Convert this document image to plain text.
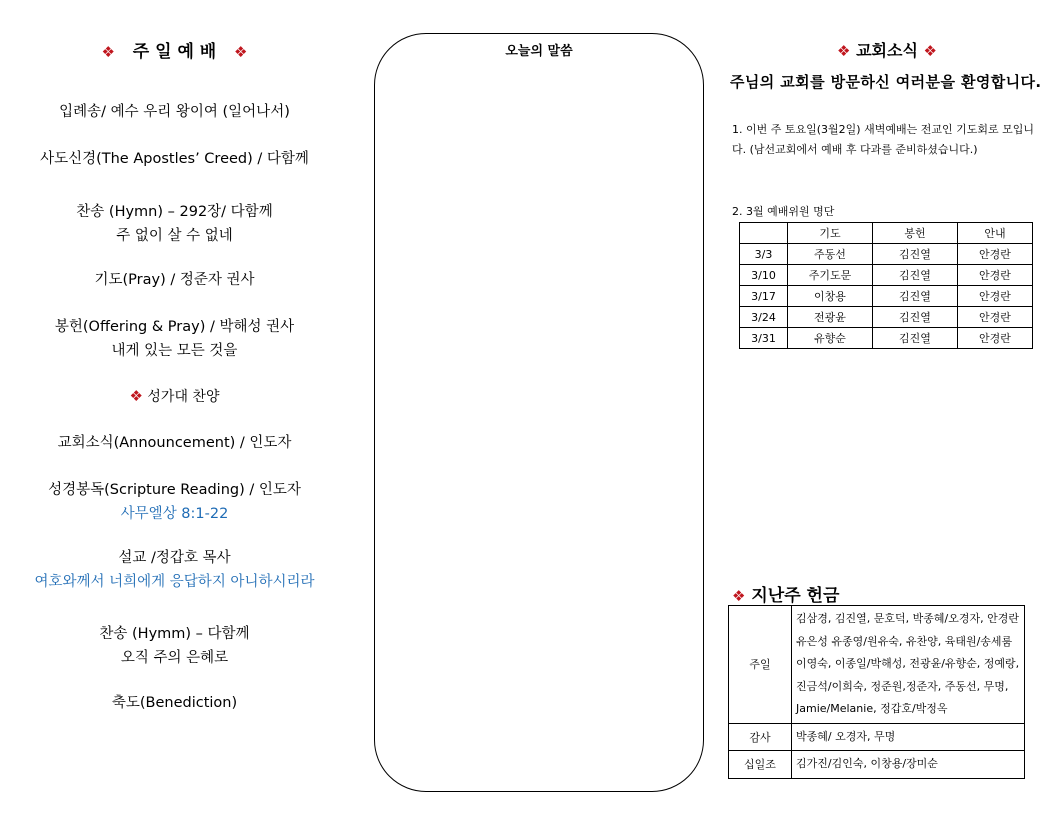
❖ 주 일 예 배 ❖
입례송/ 예수 우리 왕이여 (일어나서)
사도신경(The Apostles’ Creed) / 다함께
찬송 (Hymn) – 292장/ 다함께
주 없이 살 수 없네
기도(Pray) / 정준자 권사
봉헌(Offering & Pray) / 박해성 권사
내게 있는 모든 것을
❖ 성가대 찬양
교회소식(Announcement) / 인도자
성경봉독(Scripture Reading) / 인도자
사무엘상 8:1-22
설교 /정갑호 목사
여호와께서 너희에게 응답하지 아니하시리라
찬송 (Hymm) – 다함께
오직 주의 은혜로
축도(Benediction)
오늘의 말씀	❖ 교회소식 ❖
주님의 교회를 방문하신 여러분을 환영합니다.
1. 이번 주 토요일(3월2일) 새벽예배는 전교인 기도회로 모입니다. (남선교회에서 예배 후 다과를 준비하셨습니다.)
2. 3월 예배위원 명단
	기도	봉헌	안내
3/3	주동선	김진열	안경란
3/10	주기도문	김진열	안경란
3/17	이창용	김진열	안경란
3/24	전광윤	김진열	안경란
3/31	유향순	김진열	안경란
❖ 지난주 헌금
주일	김삼경, 김진열, 문호덕, 박종혜/오경자, 안경란 유은성 유종영/원유숙, 유찬양, 육태원/송세룸 이영숙, 이종일/박해성, 전광윤/유향순, 정예랑, 진금석/이희숙, 정준원,정준자, 주동선, 무명, Jamie/Melanie, 정갑호/박정옥
감사	박종혜/ 오경자, 무명
십일조	김가진/김인숙, 이창용/장미순
